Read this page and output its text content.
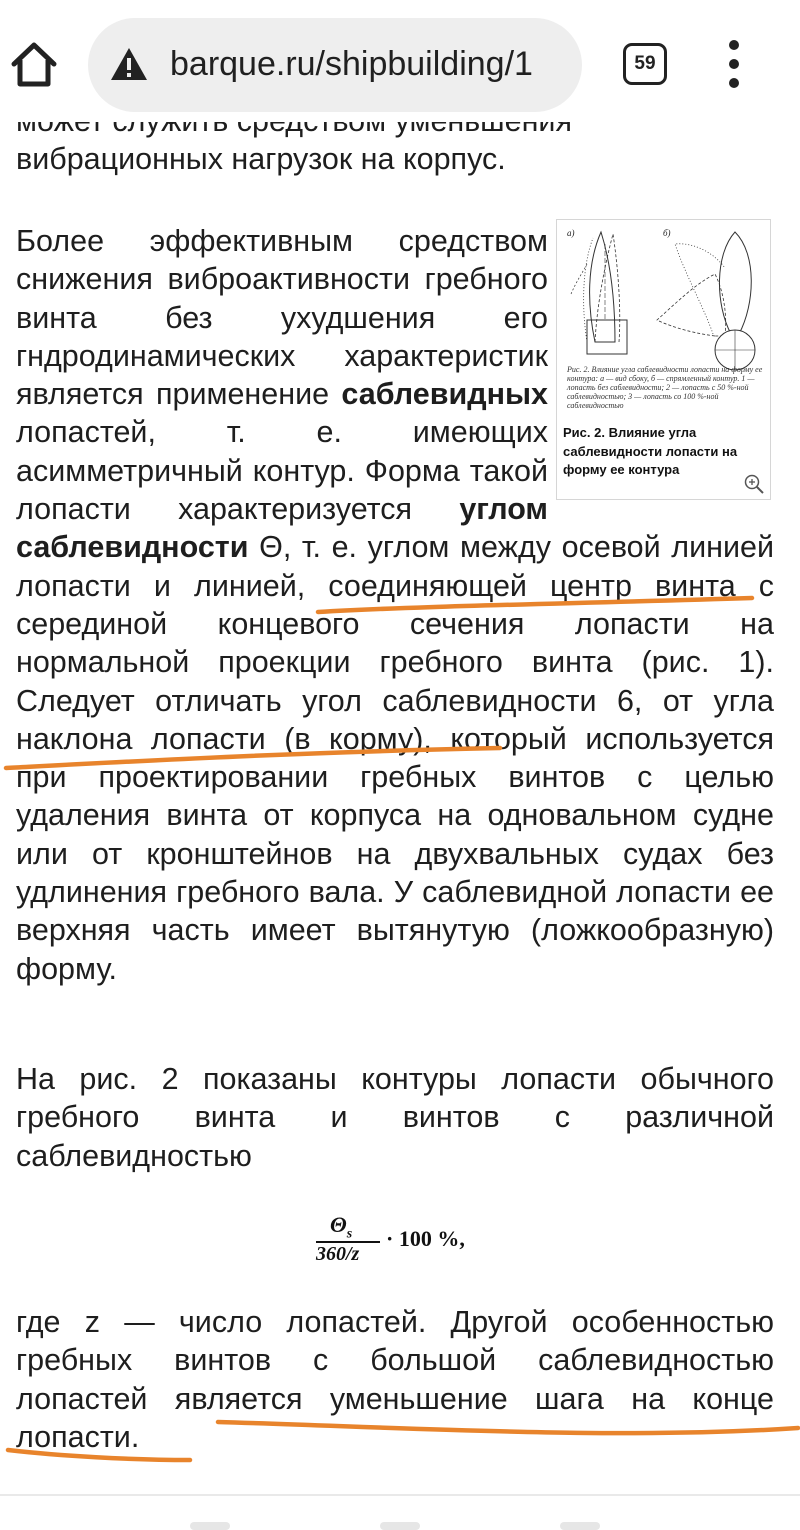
вибрационных нагрузок на корпус.

Более эффективным средством снижения виброактивности гребного винта без ухудшения его гндродинамических характеристик является применение саблевидных лопастей, т. е. имеющих асимметричный контур. Форма такой лопасти характеризуется углом саблевидности Θ, т. е. углом между осевой линией лопасти и линией, соединяющей центр винта с серединой концевого сечения лопасти на нормальной проекции гребного винта (рис. 1). Следует отличать угол саблевидности 6, от угла наклона лопасти (в корму), который используется при проектировании гребных винтов с целью удаления винта от корпуса на одновальном судне или от кронштейнов на двухвальных судах без удлинения гребного вала. У саблевидной лопасти ее верхняя часть имеет вытянутую (ложкообразную) форму.

а)	б)
Рис. 2. Влияние угла саблевидности лопасти на форму ее контура: а — вид сбоку, б — спрямленный контур. 1 — лопасть без саблевидности; 2 — лопасть с 50 %-ной саблевидностью; 3 — лопасть со 100 %-ной саблевидностью
Рис. 2. Влияние угла саблевидности лопасти на форму ее контура

На рис. 2 показаны контуры лопасти обычного гребного винта и винтов с различной саблевидностью

$\Theta_s$
360/z
· 100 %,

где z — число лопастей. Другой особенностью гребных винтов с большой саблевидностью лопастей является уменьшение шага на конце лопасти.

barque.ru/shipbuilding/1	59
